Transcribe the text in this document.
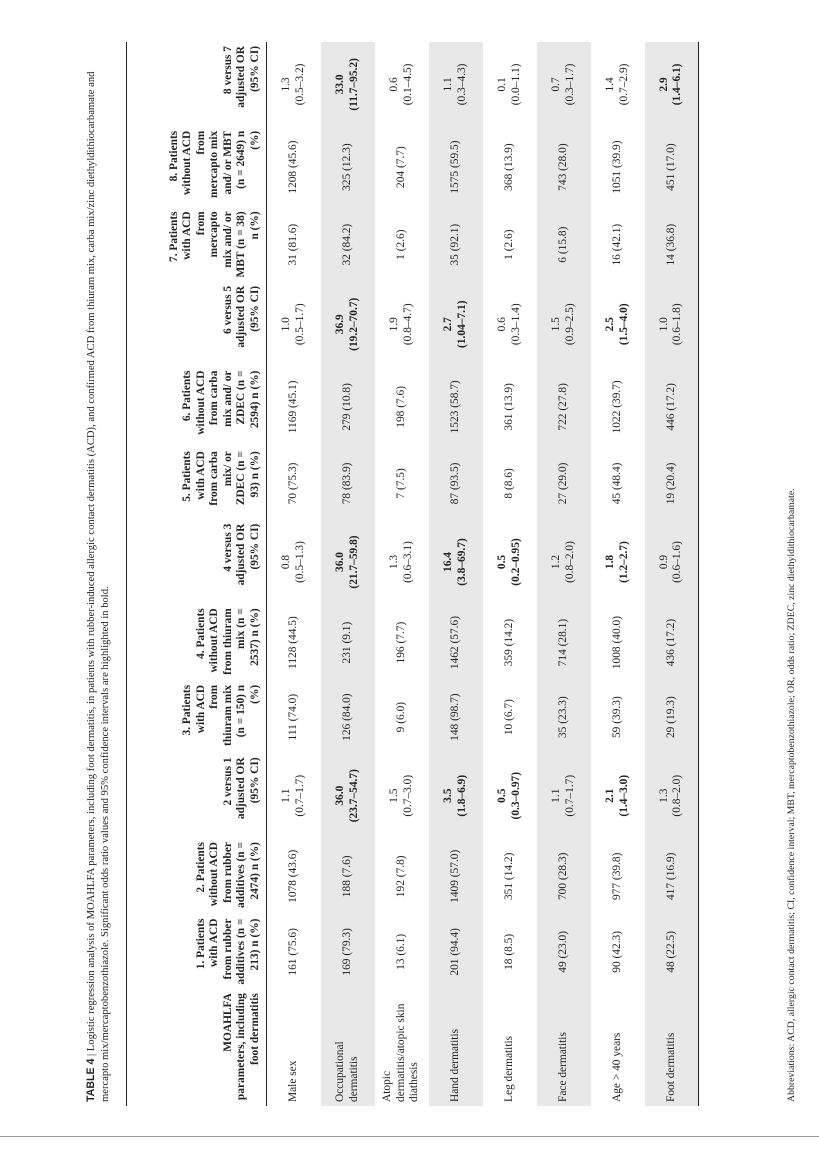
TABLE 4 | Logistic regression analysis of MOAHLFA parameters, including foot dermatitis, in patients with rubber-induced allergic contact dermatitis (ACD), and confirmed ACD from thiuram mix, carba mix/zinc diethyldithiocarbamate and mercapto mix/mercaptobenzothiazole. Significant odds ratio values and 95% confidence intervals are highlighted in bold.	MOAHLFA parameters, including foot dermatitis	1. Patients with ACD from rubber additives (n = 213) n (%)	2. Patients without ACD from rubber additives (n = 2474) n (%)	2 versus 1 adjusted OR (95% CI)	3. Patients with ACD from thiuram mix (n = 150) n (%)	4. Patients without ACD from thiuram mix (n = 2537) n (%)	4 versus 3 adjusted OR (95% CI)	5. Patients with ACD from carba mix/ or ZDEC (n = 93) n (%)	6. Patients without ACD from carba mix and/ or ZDEC (n = 2594) n (%)	6 versus 5 adjusted OR (95% CI)	7. Patients with ACD from mercapto mix and/ or MBT (n = 38) n (%)	8. Patients without ACD from mercapto mix and/ or MBT (n = 2649) n (%)	8 versus 7 adjusted OR (95% CI)
Male sex	161 (75.6)	1078 (43.6)	1.1 (0.7–1.7)	111 (74.0)	1128 (44.5)	0.8 (0.5–1.3)	70 (75.3)	1169 (45.1)	1.0 (0.5–1.7)	31 (81.6)	1208 (45.6)	1.3 (0.5–3.2)

Occupational dermatitis	169 (79.3)	188 (7.6)	36.0 (23.7–54.7)	126 (84.0)	231 (9.1)	36.0 (21.7–59.8)	78 (83.9)	279 (10.8)	36.9 (19.2–70.7)	32 (84.2)	325 (12.3)	33.0 (11.7–95.2)

Atopic dermatitis/atopic skin diathesis	13 (6.1)	192 (7.8)	1.5 (0.7–3.0)	9 (6.0)	196 (7.7)	1.3 (0.6–3.1)	7 (7.5)	198 (7.6)	1.9 (0.8–4.7)	1 (2.6)	204 (7.7)	0.6 (0.1–4.5)

Hand dermatitis	201 (94.4)	1409 (57.0)	3.5 (1.8–6.9)	148 (98.7)	1462 (57.6)	16.4 (3.8–69.7)	87 (93.5)	1523 (58.7)	2.7 (1.04–7.1)	35 (92.1)	1575 (59.5)	1.1 (0.3–4.3)

Leg dermatitis	18 (8.5)	351 (14.2)	0.5 (0.3–0.97)	10 (6.7)	359 (14.2)	0.5 (0.2–0.95)	8 (8.6)	361 (13.9)	0.6 (0.3–1.4)	1 (2.6)	368 (13.9)	0.1 (0.0–1.1)

Face dermatitis	49 (23.0)	700 (28.3)	1.1 (0.7–1.7)	35 (23.3)	714 (28.1)	1.2 (0.8–2.0)	27 (29.0)	722 (27.8)	1.5 (0.9–2.5)	6 (15.8)	743 (28.0)	0.7 (0.3–1.7)

Age > 40 years	90 (42.3)	977 (39.8)	2.1 (1.4–3.0)	59 (39.3)	1008 (40.0)	1.8 (1.2–2.7)	45 (48.4)	1022 (39.7)	2.5 (1.5–4.0)	16 (42.1)	1051 (39.9)	1.4 (0.7–2.9)

Foot dermatitis	48 (22.5)	417 (16.9)	1.3 (0.8–2.0)	29 (19.3)	436 (17.2)	0.9 (0.6–1.6)	19 (20.4)	446 (17.2)	1.0 (0.6–1.8)	14 (36.8)	451 (17.0)	2.9 (1.4–6.1)
Abbreviations: ACD, allergic contact dermatitis; CI, confidence interval; MBT, mercaptobenzothiazole; OR, odds ratio; ZDEC, zinc diethyldithiocarbamate.
